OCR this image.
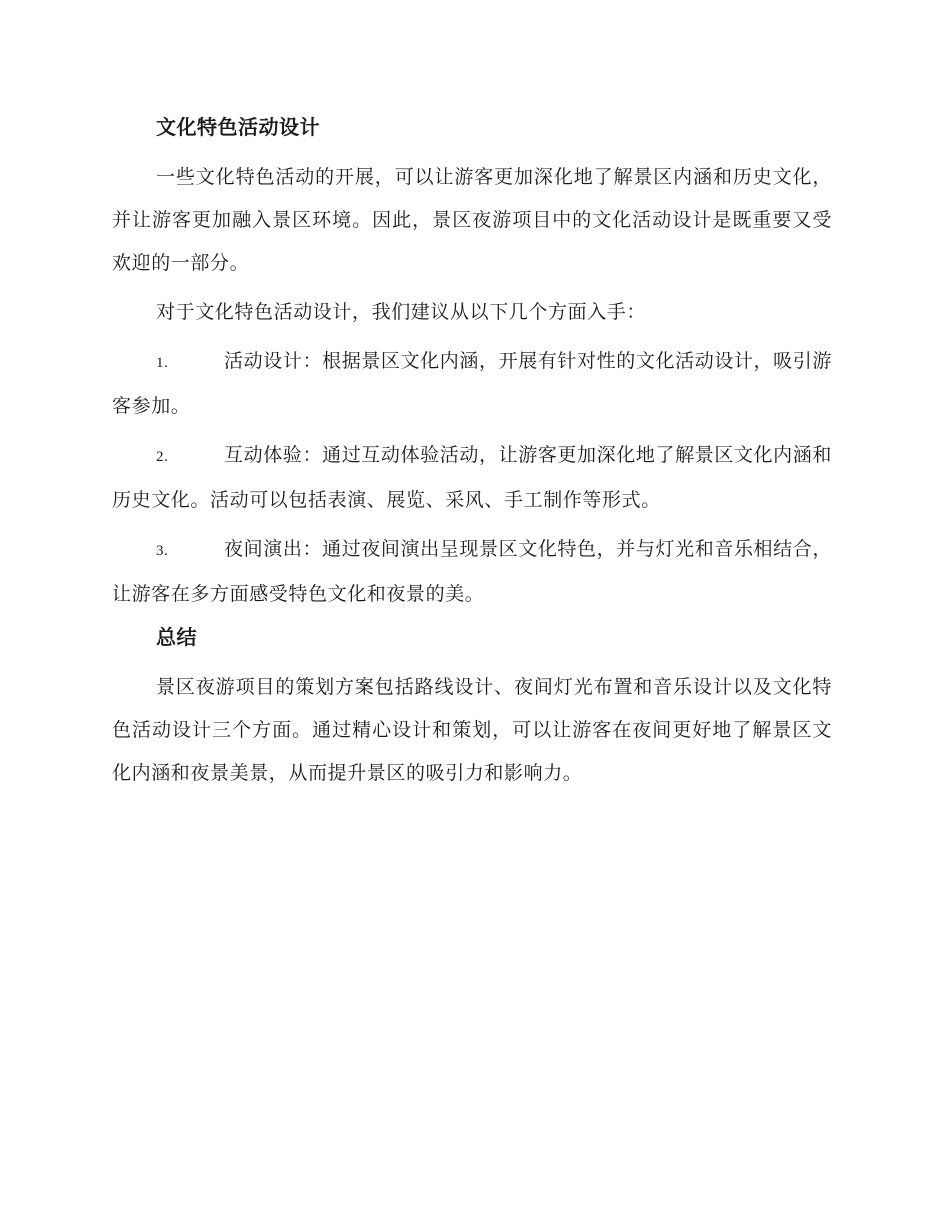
文化特色活动设计

一些文化特色活动的开展，可以让游客更加深化地了解景区内涵和历史文化，并让游客更加融入景区环境。因此，景区夜游项目中的文化活动设计是既重要又受欢迎的一部分。

对于文化特色活动设计，我们建议从以下几个方面入手：

1.	活动设计：根据景区文化内涵，开展有针对性的文化活动设计，吸引游客参加。

2.	互动体验：通过互动体验活动，让游客更加深化地了解景区文化内涵和历史文化。活动可以包括表演、展览、采风、手工制作等形式。

3.	夜间演出：通过夜间演出呈现景区文化特色，并与灯光和音乐相结合，让游客在多方面感受特色文化和夜景的美。

总结

景区夜游项目的策划方案包括路线设计、夜间灯光布置和音乐设计以及文化特色活动设计三个方面。通过精心设计和策划，可以让游客在夜间更好地了解景区文化内涵和夜景美景，从而提升景区的吸引力和影响力。
